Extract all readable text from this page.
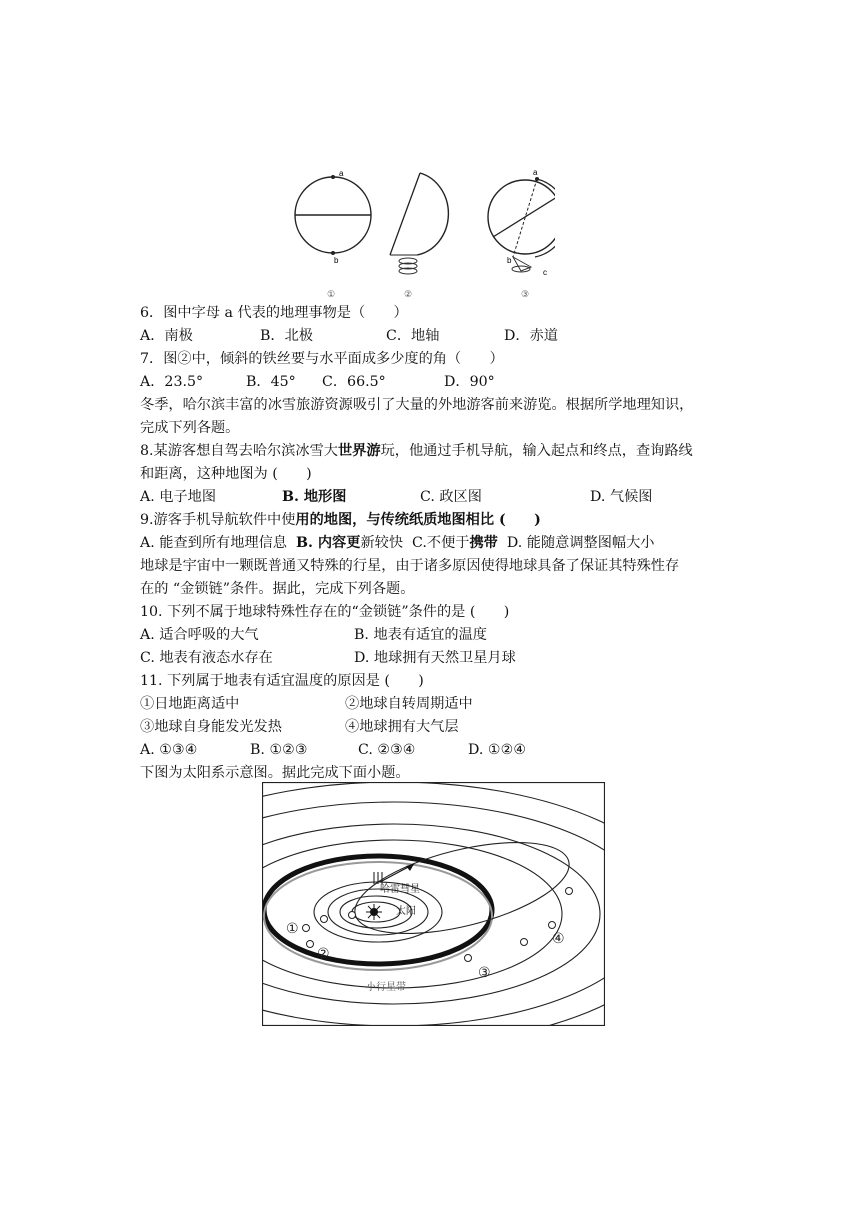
a
b
①	②
a
b
c
③
6．图中字母 a 代表的地理事物是（　　）
A．南极	B．北极	C．地轴	D．赤道
7．图②中，倾斜的铁丝要与水平面成多少度的角（　　）
A．23.5°	B．45°	C．66.5°	D．90°
冬季，哈尔滨丰富的冰雪旅游资源吸引了大量的外地游客前来游览。根据所学地理知识，
完成下列各题。
8.某游客想自驾去哈尔滨冰雪大世界游玩，他通过手机导航，输入起点和终点，查询路线
和距离，这种地图为 (　　)
A. 电子地图	B. 地形图	C. 政区图	D. 气候图
9.游客手机导航软件中使用的地图，与传统纸质地图相比 (　　)
A. 能查到所有地理信息 B. 内容更新较快 C.不便于携带 D. 能随意调整图幅大小
地球是宇宙中一颗既普通又特殊的行星，由于诸多原因使得地球具备了保证其特殊性存
在的 “金锁链”条件。据此，完成下列各题。
10. 下列不属于地球特殊性存在的“金锁链”条件的是 (　　)
A. 适合呼吸的大气	B. 地表有适宜的温度
C. 地表有液态水存在	D. 地球拥有天然卫星月球
11. 下列属于地表有适宜温度的原因是 (　　)
①日地距离适中	②地球自转周期适中
③地球自身能发光发热	④地球拥有大气层
A. ①③④	B. ①②③	C. ②③④	D. ①②④
下图为太阳系示意图。据此完成下面小题。
太阳
哈雷彗星
①
②
③
④
小行星带
